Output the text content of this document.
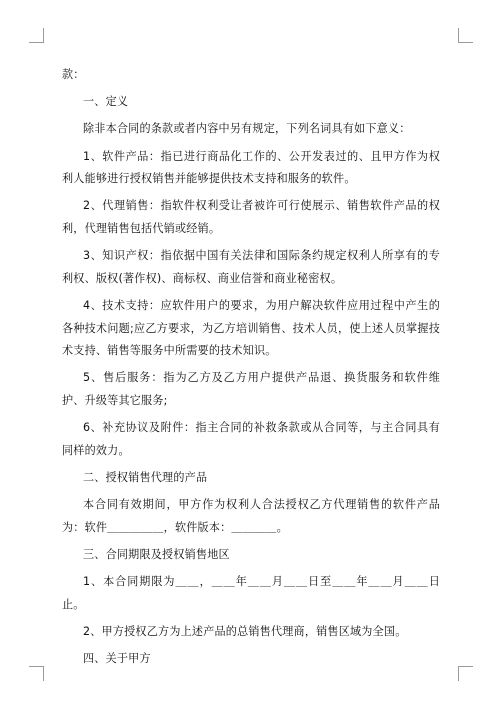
款：

一、定义

除非本合同的条款或者内容中另有规定，下列名词具有如下意义：

1、软件产品：指已进行商品化工作的、公开发表过的、且甲方作为权利人能够进行授权销售并能够提供技术支持和服务的软件。

2、代理销售：指软件权利受让者被许可行使展示、销售软件产品的权利，代理销售包括代销或经销。

3、知识产权：指依据中国有关法律和国际条约规定权利人所享有的专利权、版权(著作权)、商标权、商业信誉和商业秘密权。

4、技术支持：应软件用户的要求，为用户解决软件应用过程中产生的各种技术问题;应乙方要求，为乙方培训销售、技术人员，使上述人员掌握技术支持、销售等服务中所需要的技术知识。

5、售后服务：指为乙方及乙方用户提供产品退、换货服务和软件维护、升级等其它服务;

6、补充协议及附件：指主合同的补救条款或从合同等，与主合同具有同样的效力。

二、授权销售代理的产品

本合同有效期间，甲方作为权利人合法授权乙方代理销售的软件产品为：软件＿＿＿＿＿，软件版本：＿＿＿＿。

三、合同期限及授权销售地区

1、本合同期限为＿＿，＿＿年＿＿月＿＿日至＿＿年＿＿月＿＿日止。

2、甲方授权乙方为上述产品的总销售代理商，销售区域为全国。

四、关于甲方
